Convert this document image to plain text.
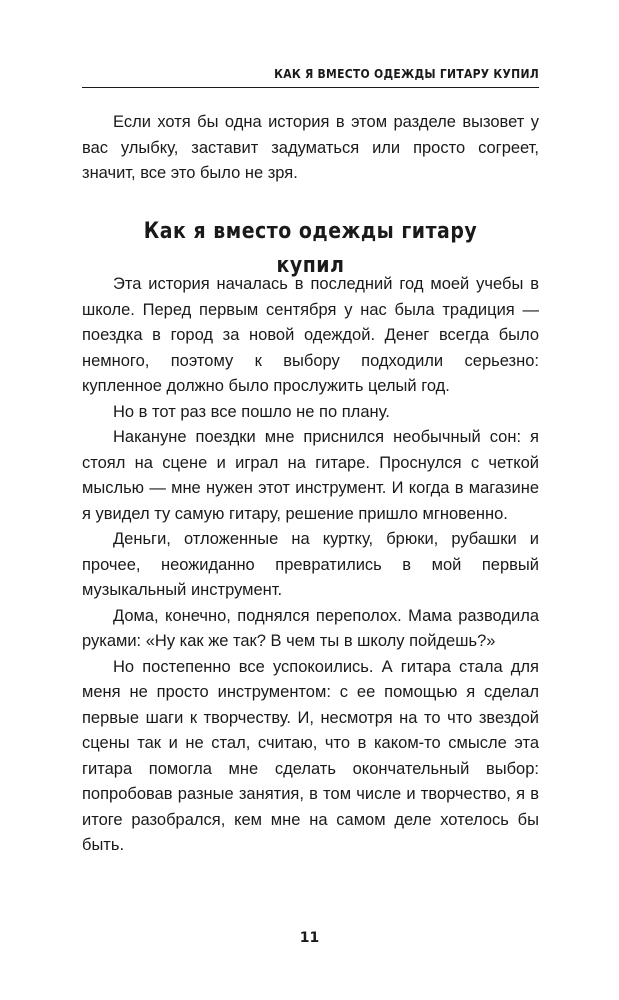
КАК Я ВМЕСТО ОДЕЖДЫ ГИТАРУ КУПИЛ

Если хотя бы одна история в этом разделе вызовет у вас улыбку, заставит задуматься или просто согреет, значит, все это было не зря.

Как я вместо одежды гитару купил

Эта история началась в последний год моей учебы в школе. Перед первым сентября у нас была традиция — поездка в город за новой одеждой. Денег всегда было немного, поэтому к выбору подходили серьезно: купленное должно было прослужить целый год.

Но в тот раз все пошло не по плану.

Накануне поездки мне приснился необычный сон: я стоял на сцене и играл на гитаре. Проснулся с четкой мыслью — мне нужен этот инструмент. И когда в магазине я увидел ту самую гитару, решение пришло мгновенно.

Деньги, отложенные на куртку, брюки, рубашки и прочее, неожиданно превратились в мой первый музыкальный инструмент.

Дома, конечно, поднялся переполох. Мама разводила руками: «Ну как же так? В чем ты в школу пойдешь?»

Но постепенно все успокоились. А гитара стала для меня не просто инструментом: с ее помощью я сделал первые шаги к творчеству. И, несмотря на то что звездой сцены так и не стал, считаю, что в каком-то смысле эта гитара помогла мне сделать окончательный выбор: попробовав разные занятия, в том числе и творчество, я в итоге разобрался, кем мне на самом деле хотелось бы быть.

11
